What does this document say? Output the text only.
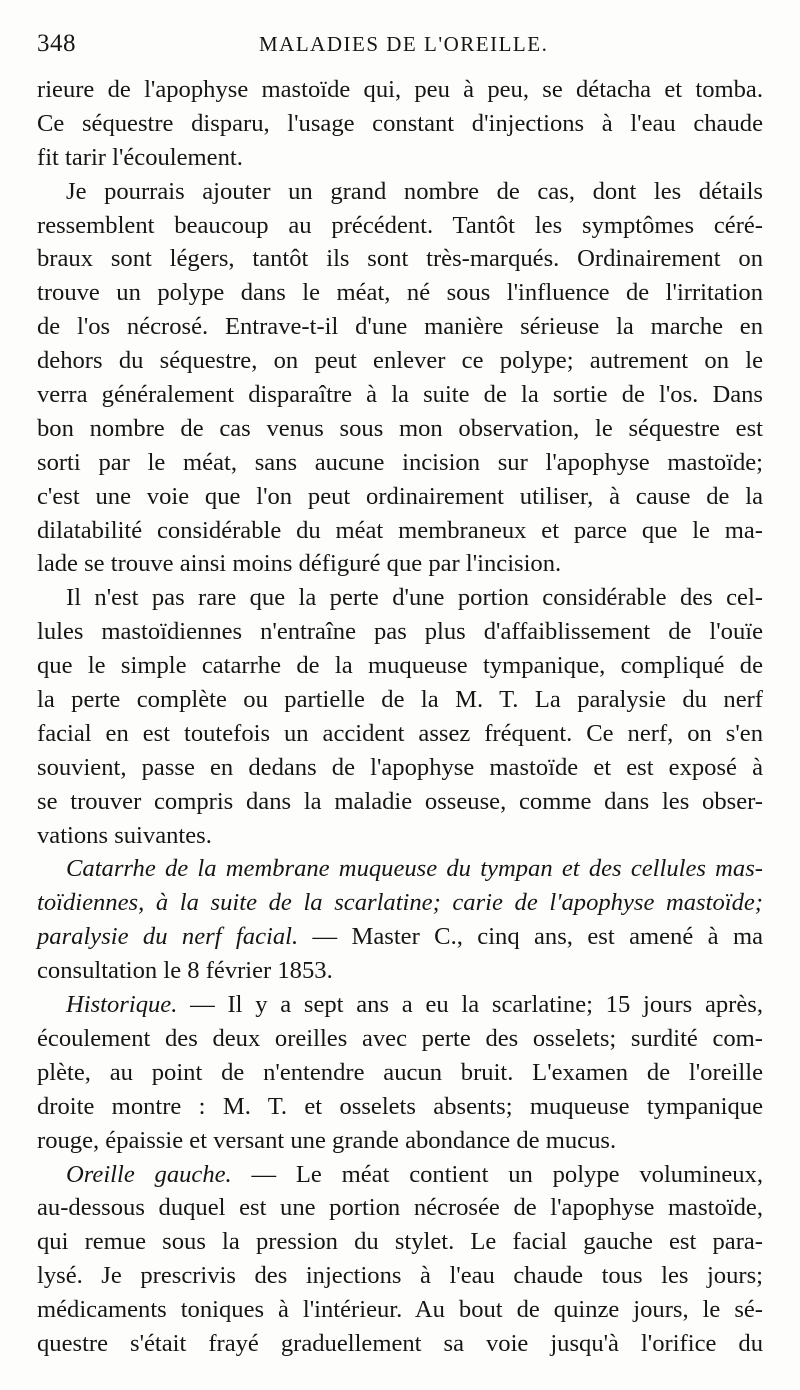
348	MALADIES DE L'OREILLE.
rieure de l'apophyse mastoïde qui, peu à peu, se détacha et tomba.
Ce séquestre disparu, l'usage constant d'injections à l'eau chaude
fit tarir l'écoulement.
Je pourrais ajouter un grand nombre de cas, dont les détails
ressemblent beaucoup au précédent. Tantôt les symptômes céré-
braux sont légers, tantôt ils sont très-marqués. Ordinairement on
trouve un polype dans le méat, né sous l'influence de l'irritation
de l'os nécrosé. Entrave-t-il d'une manière sérieuse la marche en
dehors du séquestre, on peut enlever ce polype; autrement on le
verra généralement disparaître à la suite de la sortie de l'os. Dans
bon nombre de cas venus sous mon observation, le séquestre est
sorti par le méat, sans aucune incision sur l'apophyse mastoïde;
c'est une voie que l'on peut ordinairement utiliser, à cause de la
dilatabilité considérable du méat membraneux et parce que le ma-
lade se trouve ainsi moins défiguré que par l'incision.
Il n'est pas rare que la perte d'une portion considérable des cel-
lules mastoïdiennes n'entraîne pas plus d'affaiblissement de l'ouïe
que le simple catarrhe de la muqueuse tympanique, compliqué de
la perte complète ou partielle de la M. T. La paralysie du nerf
facial en est toutefois un accident assez fréquent. Ce nerf, on s'en
souvient, passe en dedans de l'apophyse mastoïde et est exposé à
se trouver compris dans la maladie osseuse, comme dans les obser-
vations suivantes.
Catarrhe de la membrane muqueuse du tympan et des cellules mas-
toïdiennes, à la suite de la scarlatine; carie de l'apophyse mastoïde;
paralysie du nerf facial. — Master C., cinq ans, est amené à ma
consultation le 8 février 1853.
Historique. — Il y a sept ans a eu la scarlatine; 15 jours après,
écoulement des deux oreilles avec perte des osselets; surdité com-
plète, au point de n'entendre aucun bruit. L'examen de l'oreille
droite montre : M. T. et osselets absents; muqueuse tympanique
rouge, épaissie et versant une grande abondance de mucus.
Oreille gauche. — Le méat contient un polype volumineux,
au-dessous duquel est une portion nécrosée de l'apophyse mastoïde,
qui remue sous la pression du stylet. Le facial gauche est para-
lysé. Je prescrivis des injections à l'eau chaude tous les jours;
médicaments toniques à l'intérieur. Au bout de quinze jours, le sé-
questre s'était frayé graduellement sa voie jusqu'à l'orifice du
